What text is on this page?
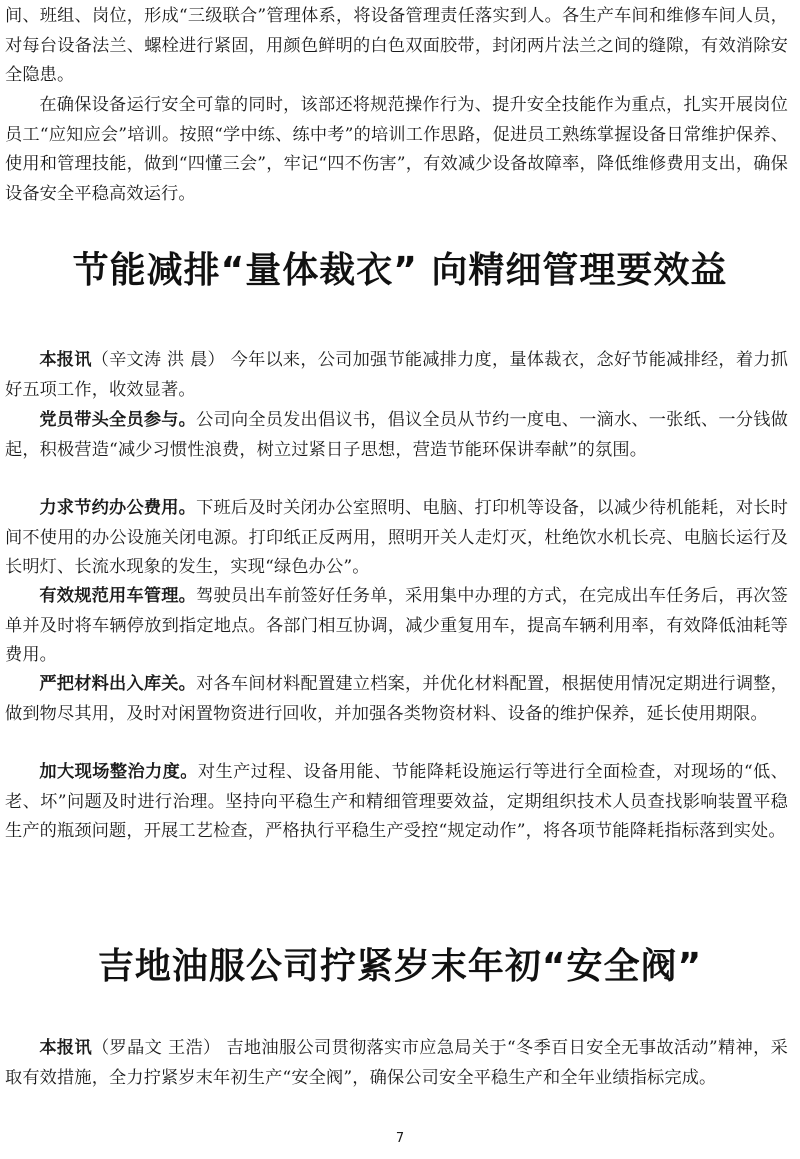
间、班组、岗位，形成“三级联合”管理体系，将设备管理责任落实到人。各生产车间和维修车间人员，对每台设备法兰、螺栓进行紧固，用颜色鲜明的白色双面胶带，封闭两片法兰之间的缝隙，有效消除安全隐患。

在确保设备运行安全可靠的同时，该部还将规范操作行为、提升安全技能作为重点，扎实开展岗位员工“应知应会”培训。按照“学中练、练中考”的培训工作思路，促进员工熟练掌握设备日常维护保养、使用和管理技能，做到“四懂三会”，牢记“四不伤害”，有效减少设备故障率，降低维修费用支出，确保设备安全平稳高效运行。

节能减排“量体裁衣” 向精细管理要效益

本报讯（辛文涛 洪 晨） 今年以来，公司加强节能减排力度，量体裁衣，念好节能减排经，着力抓好五项工作，收效显著。

党员带头全员参与。公司向全员发出倡议书，倡议全员从节约一度电、一滴水、一张纸、一分钱做起，积极营造“减少习惯性浪费，树立过紧日子思想，营造节能环保讲奉献”的氛围。

力求节约办公费用。下班后及时关闭办公室照明、电脑、打印机等设备，以减少待机能耗，对长时间不使用的办公设施关闭电源。打印纸正反两用，照明开关人走灯灭，杜绝饮水机长亮、电脑长运行及长明灯、长流水现象的发生，实现“绿色办公”。

有效规范用车管理。驾驶员出车前签好任务单，采用集中办理的方式，在完成出车任务后，再次签单并及时将车辆停放到指定地点。各部门相互协调，减少重复用车，提高车辆利用率，有效降低油耗等费用。

严把材料出入库关。对各车间材料配置建立档案，并优化材料配置，根据使用情况定期进行调整，做到物尽其用，及时对闲置物资进行回收，并加强各类物资材料、设备的维护保养，延长使用期限。

加大现场整治力度。对生产过程、设备用能、节能降耗设施运行等进行全面检查，对现场的“低、老、坏”问题及时进行治理。坚持向平稳生产和精细管理要效益，定期组织技术人员查找影响装置平稳生产的瓶颈问题，开展工艺检查，严格执行平稳生产受控“规定动作”，将各项节能降耗指标落到实处。

吉地油服公司拧紧岁末年初“安全阀”

本报讯（罗晶文 王浩） 吉地油服公司贯彻落实市应急局关于“冬季百日安全无事故活动”精神，采取有效措施，全力拧紧岁末年初生产“安全阀”，确保公司安全平稳生产和全年业绩指标完成。

7
